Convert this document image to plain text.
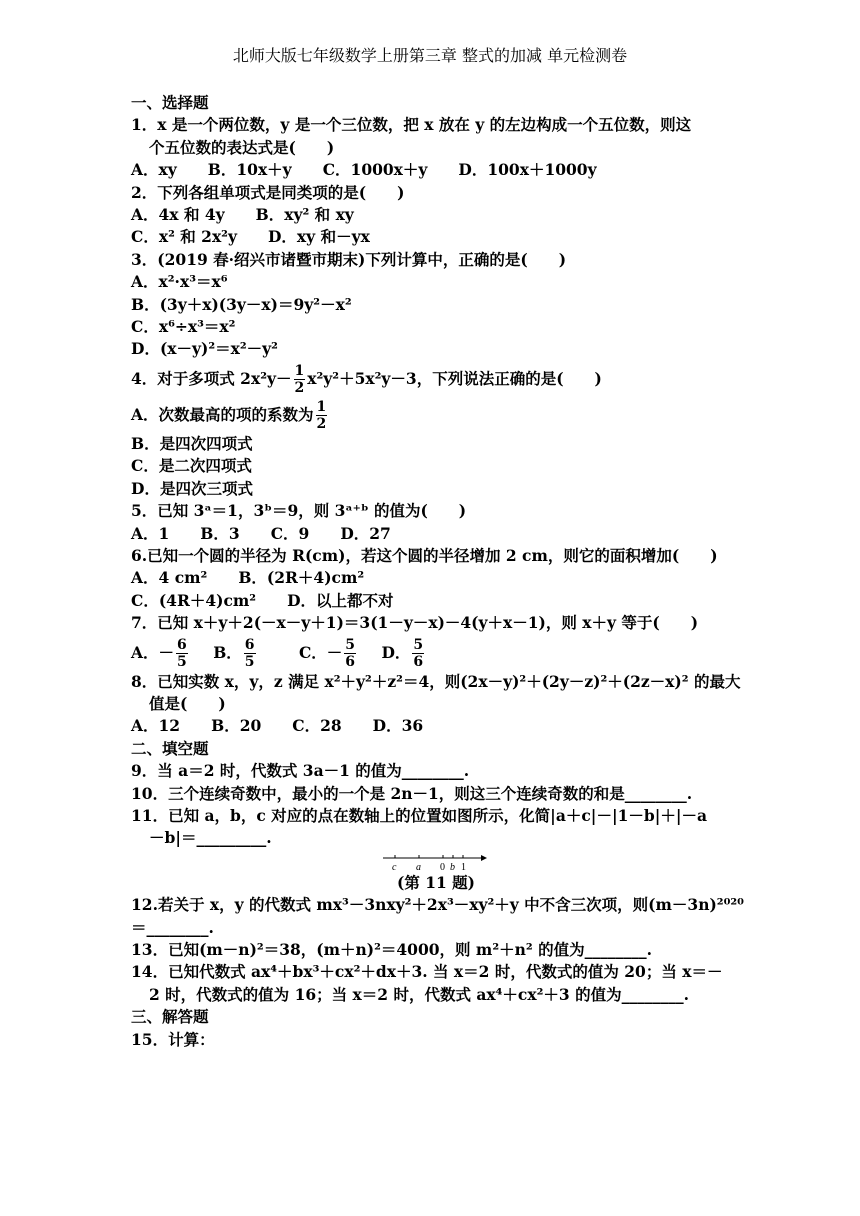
北师大版七年级数学上册第三章 整式的加减 单元检测卷
一、选择题
1．x 是一个两位数，y 是一个三位数，把 x 放在 y 的左边构成一个五位数，则这
个五位数的表达式是(　　)
A．xy　　B．10x＋y　　C．1000x＋y　　D．100x＋1000y
2．下列各组单项式是同类项的是(　　)
A．4x 和 4y　　B．xy² 和 xy
C．x² 和 2x²y　　D．xy 和－yx
3．(2019 春·绍兴市诸暨市期末)下列计算中，正确的是(　　)
A．x²·x³＝x⁶
B．(3y＋x)(3y－x)＝9y²－x²
C．x⁶÷x³＝x²
D．(x－y)²＝x²－y²
4．对于多项式 $2x^2y- \frac{1}{2} x^2y^2+5x^2y-3$，下列说法正确的是(　　)
A．次数最高的项的系数为 $\frac{1}{2}$
B．是四次四项式
C．是二次四项式
D．是四次三项式
5．已知 3ᵃ＝1，3ᵇ＝9，则 3ᵃ⁺ᵇ 的值为(　　)
A．1　　B．3　　C．9　　D．27
6.已知一个圆的半径为 R(cm)，若这个圆的半径增加 2 cm，则它的面积增加(　　)
A．4 cm²　　B．(2R＋4)cm²
C．(4R＋4)cm²　　D．以上都不对
7．已知 x＋y＋2(－x－y＋1)＝3(1－y－x)－4(y＋x－1)，则 x＋y 等于(　　)
A．－ $\frac{6}{5}$ B． $\frac{6}{5}$	C．－ $\frac{5}{6}$ D． $\frac{5}{6}$
8．已知实数 x，y，z 满足 x²＋y²＋z²＝4，则(2x－y)²＋(2y－z)²＋(2z－x)² 的最大
值是(　　)
A．12　　B．20　　C．28　　D．36
二、填空题
9．当 a＝2 时，代数式 3a－1 的值为________.
10．三个连续奇数中，最小的一个是 2n－1，则这三个连续奇数的和是________.
11．已知 a，b，c 对应的点在数轴上的位置如图所示，化简|a＋c|－|1－b|＋|－a
－b|＝_________.
c a 0 b 1
(第 11 题)
12.若关于 x，y 的代数式 mx³－3nxy²＋2x³－xy²＋y 中不含三次项，则(m－3n)²⁰²⁰
＝________.
13．已知(m－n)²＝38，(m＋n)²＝4000，则 m²＋n² 的值为________.
14．已知代数式 ax⁴＋bx³＋cx²＋dx＋3. 当 x＝2 时，代数式的值为 20；当 x＝－
2 时，代数式的值为 16；当 x＝2 时，代数式 ax⁴＋cx²＋3 的值为________.
三、解答题
15．计算：
